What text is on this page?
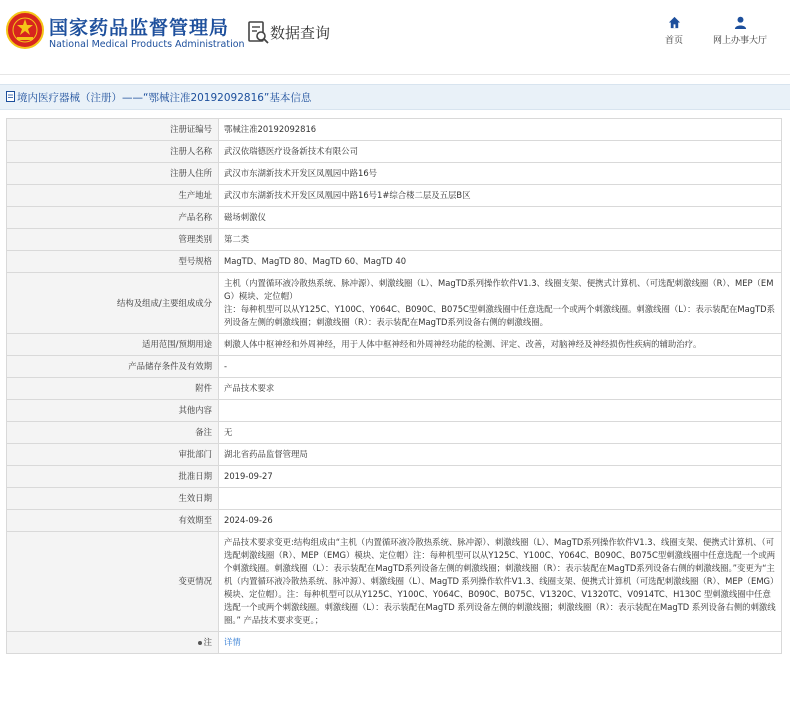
国家药品监督管理局
National Medical Products Administration
数据查询	首页	网上办事大厅
境内医疗器械（注册）——“鄂械注准20192092816”基本信息
注册证编号	鄂械注准20192092816
注册人名称	武汉依瑞德医疗设备新技术有限公司
注册人住所	武汉市东湖新技术开发区凤凰园中路16号
生产地址	武汉市东湖新技术开发区凤凰园中路16号1#综合楼二层及五层B区
产品名称	磁场刺激仪
管理类别	第二类
型号规格	MagTD、MagTD 80、MagTD 60、MagTD 40
结构及组成/主要组成成分	主机（内置循环液冷散热系统、脉冲源）、刺激线圈（L）、MagTD系列操作软件V1.3、线圈支架、便携式计算机、（可选配刺激线圈（R）、MEP（EMG）模块、定位帽）
注：每种机型可以从Y125C、Y100C、Y064C、B090C、B075C型刺激线圈中任意选配一个或两个刺激线圈。刺激线圈（L）：表示装配在MagTD系列设备左侧的刺激线圈；刺激线圈（R）：表示装配在MagTD系列设备右侧的刺激线圈。
适用范围/预期用途	刺激人体中枢神经和外周神经，用于人体中枢神经和外周神经功能的检测、评定、改善，对脑神经及神经损伤性疾病的辅助治疗。
产品储存条件及有效期	-
附件	产品技术要求
其他内容	
备注	无
审批部门	湖北省药品监督管理局
批准日期	2019-09-27
生效日期	
有效期至	2024-09-26
变更情况	产品技术要求变更:结构组成由“主机（内置循环液冷散热系统、脉冲源）、刺激线圈（L）、MagTD系列操作软件V1.3、线圈支架、便携式计算机、（可选配刺激线圈（R）、MEP（EMG）模块、定位帽）注：每种机型可以从Y125C、Y100C、Y064C、B090C、B075C型刺激线圈中任意选配一个或两个刺激线圈。刺激线圈（L）：表示装配在MagTD系列设备左侧的刺激线圈；刺激线圈（R）：表示装配在MagTD系列设备右侧的刺激线圈。”变更为“主机（内置循环液冷散热系统、脉冲源）、刺激线圈（L）、MagTD 系列操作软件V1.3、线圈支架、便携式计算机（可选配刺激线圈（R）、MEP（EMG）模块、定位帽）。注：每种机型可以从Y125C、Y100C、Y064C、B090C、B075C、V1320C、V1320TC、V0914TC、H130C 型刺激线圈中任意选配一个或两个刺激线圈。刺激线圈（L）：表示装配在MagTD 系列设备左侧的刺激线圈；刺激线圈（R）：表示装配在MagTD 系列设备右侧的刺激线圈。” 产品技术要求变更。；
注	详情
